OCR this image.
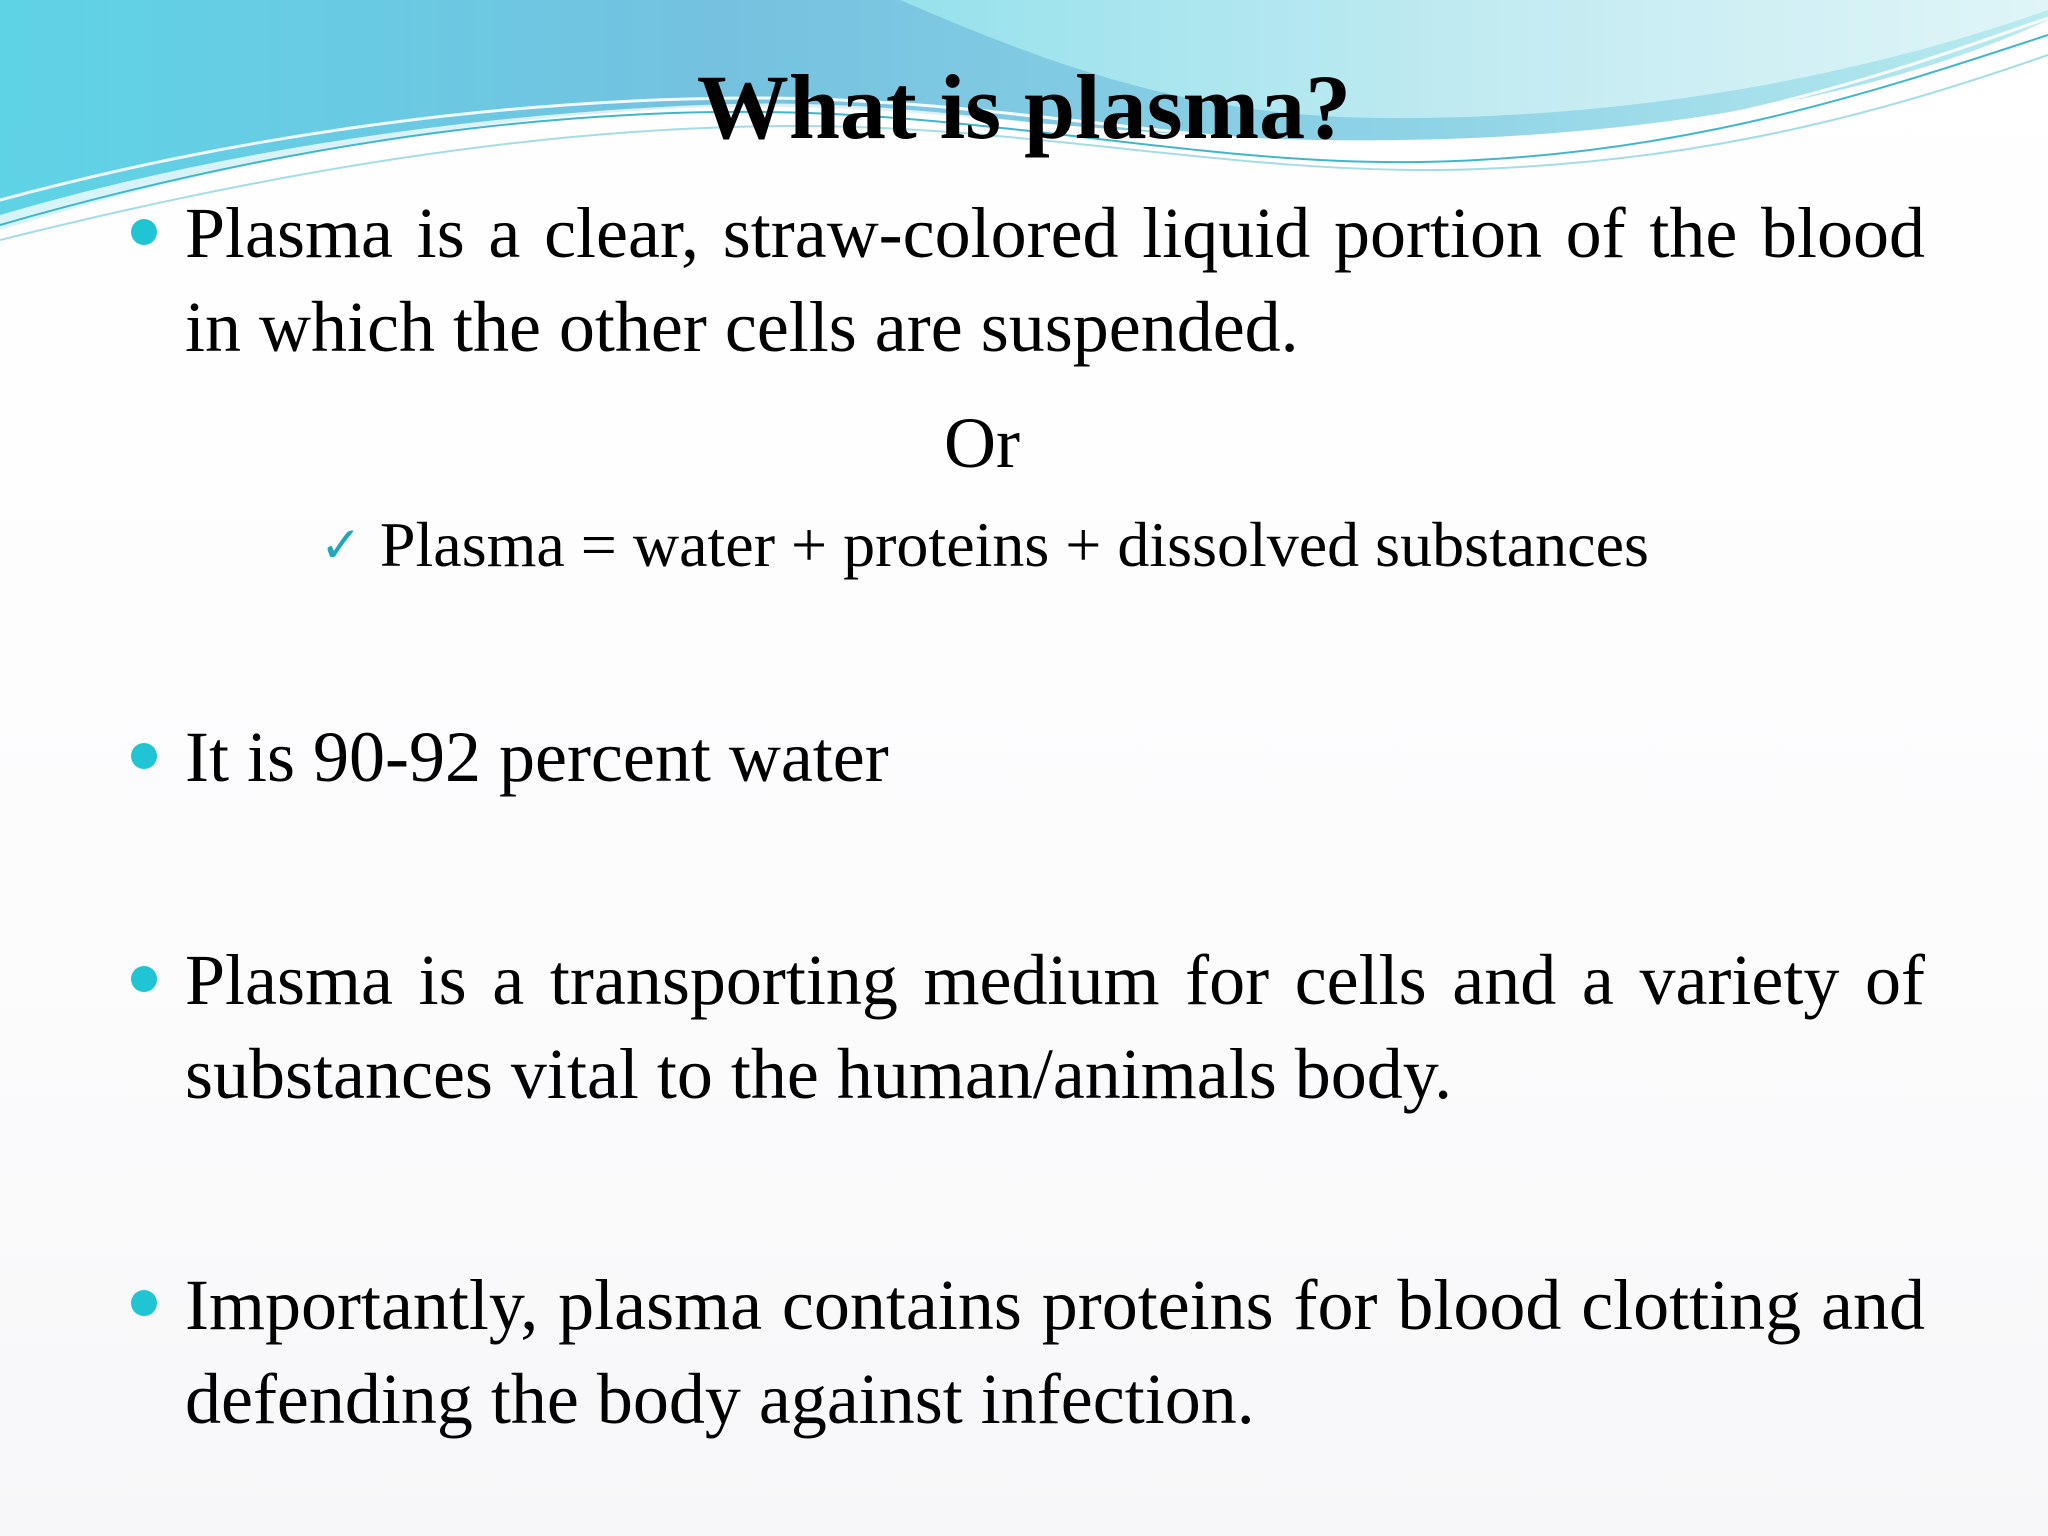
What is plasma?
Plasma is a clear, straw-colored liquid portion of the blood in which the other cells are suspended.
Or
✓ Plasma = water + proteins + dissolved substances
It is 90-92 percent water
Plasma is a transporting medium for cells and a variety of substances vital to the human/animals body.
Importantly, plasma contains proteins for blood clotting and defending the body against infection.
